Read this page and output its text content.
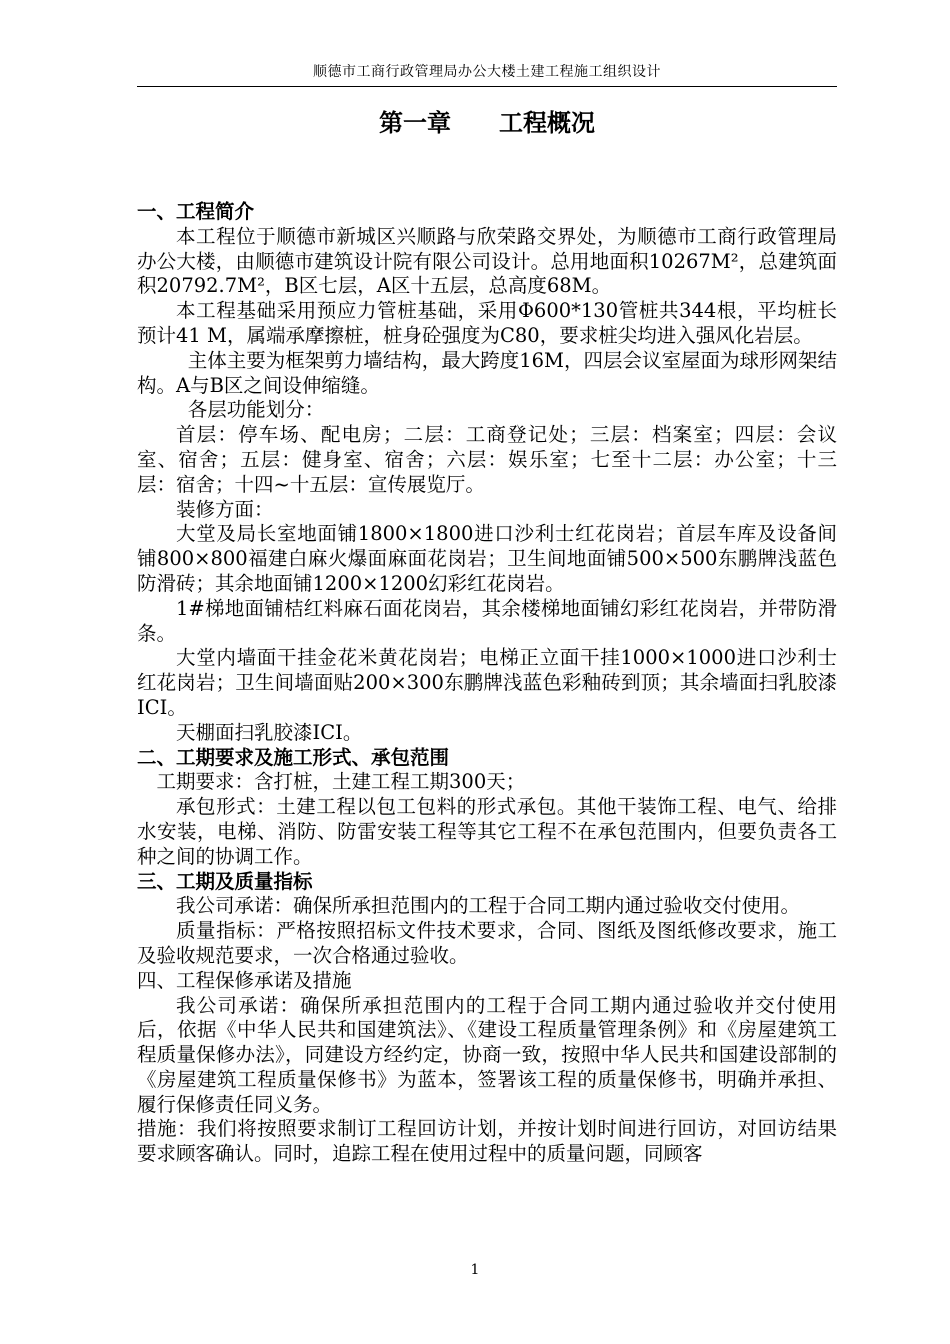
顺德市工商行政管理局办公大楼土建工程施工组织设计
第一章　　工程概况

一、工程简介

本工程位于顺德市新城区兴顺路与欣荣路交界处，为顺德市工商行政管理局办公大楼，由顺德市建筑设计院有限公司设计。总用地面积10267M²，总建筑面积20792.7M²，B区七层，A区十五层，总高度68M。

本工程基础采用预应力管桩基础，采用Φ600*130管桩共344根，平均桩长预计41 M，属端承摩擦桩，桩身砼强度为C80，要求桩尖均进入强风化岩层。

主体主要为框架剪力墙结构，最大跨度16M，四层会议室屋面为球形网架结构。A与B区之间设伸缩缝。

各层功能划分：

首层：停车场、配电房；二层：工商登记处；三层：档案室；四层：会议室、宿舍；五层：健身室、宿舍；六层：娱乐室；七至十二层：办公室；十三层：宿舍；十四~十五层：宣传展览厅。

装修方面：

大堂及局长室地面铺1800×1800进口沙利士红花岗岩；首层车库及设备间铺800×800福建白麻火爆面麻面花岗岩；卫生间地面铺500×500东鹏牌浅蓝色防滑砖；其余地面铺1200×1200幻彩红花岗岩。

1#梯地面铺桔红料麻石面花岗岩，其余楼梯地面铺幻彩红花岗岩，并带防滑条。

大堂内墙面干挂金花米黄花岗岩；电梯正立面干挂1000×1000进口沙利士红花岗岩；卫生间墙面贴200×300东鹏牌浅蓝色彩釉砖到顶；其余墙面扫乳胶漆ICI。

天棚面扫乳胶漆ICI。

二、工期要求及施工形式、承包范围

工期要求：含打桩，土建工程工期300天；

承包形式：土建工程以包工包料的形式承包。其他干装饰工程、电气、给排水安装，电梯、消防、防雷安装工程等其它工程不在承包范围内，但要负责各工种之间的协调工作。

三、工期及质量指标

我公司承诺：确保所承担范围内的工程于合同工期内通过验收交付使用。

质量指标：严格按照招标文件技术要求，合同、图纸及图纸修改要求，施工及验收规范要求，一次合格通过验收。

四、工程保修承诺及措施

我公司承诺：确保所承担范围内的工程于合同工期内通过验收并交付使用后，依据《中华人民共和国建筑法》、《建设工程质量管理条例》和《房屋建筑工程质量保修办法》，同建设方经约定，协商一致，按照中华人民共和国建设部制的《房屋建筑工程质量保修书》为蓝本，签署该工程的质量保修书，明确并承担、履行保修责任同义务。

措施：我们将按照要求制订工程回访计划，并按计划时间进行回访，对回访结果要求顾客确认。同时，追踪工程在使用过程中的质量问题，同顾客

1
